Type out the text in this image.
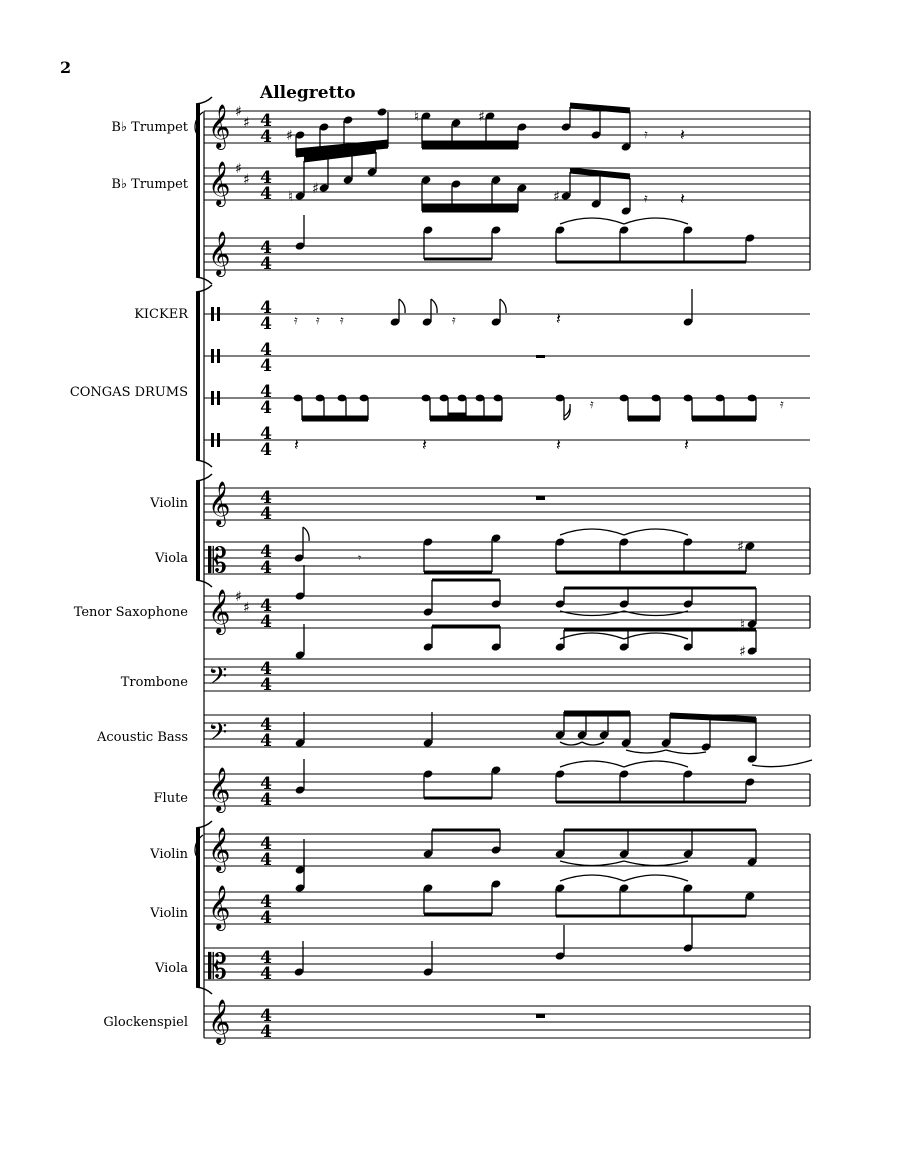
2
Allegretto
B♭ Trumpet
B♭ Trumpet
KICKER
CONGAS DRUMS
Violin
Viola
Tenor Saxophone
Trombone
Acoustic Bass
Flute
Violin
Violin
Viola
Glockenspiel
𝄞
𝄞
𝄞
𝄞
𝄞
𝄞
𝄞
𝄞
𝄞
𝄡
𝄡
𝄢
𝄢
♯
♯
♯
♯
♯
♯
4
4
4
4
4
4
4
4
4
4
4
4
4
4
4
4
4
4
4
4
4
4
4
4
4
4
4
4
4
4
4
4
4
4
♯
♮	♯
♮ ♯	♯
♯
♮
♯
𝄿 𝄽
𝄿 𝄽
𝄿 𝄿 𝄿	𝄿	𝄽
𝄿	𝄿
𝄽	𝄽	𝄽	𝄽
𝄾
